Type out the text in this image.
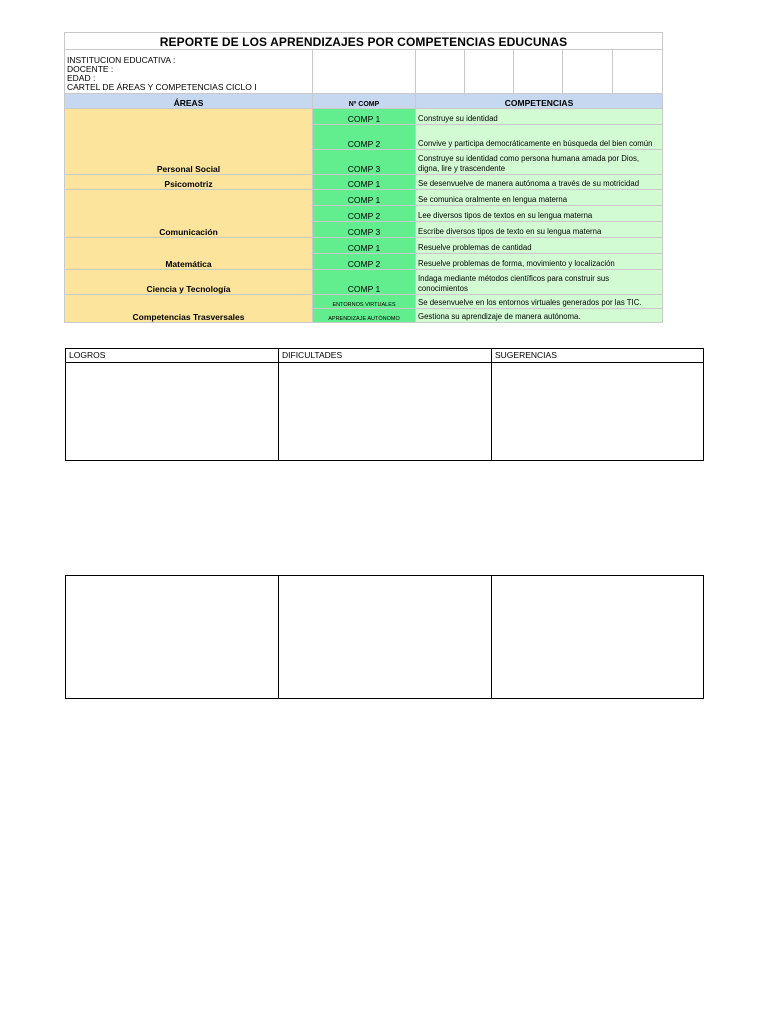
REPORTE DE LOS APRENDIZAJES POR COMPETENCIAS EDUCUNAS						

INSTITUCION EDUCATIVA :
DOCENTE :
EDAD :
CARTEL DE ÁREAS Y COMPETENCIAS CICLO I						

ÁREAS	Nº COMP	COMPETENCIAS				
Personal Social	COMP 1	Construye su identidad				
	COMP 2	Convive y participa democráticamente en búsqueda del bien común				
	COMP 3	Construye su identidad como persona humana amada por Dios, digna, lire y trascendente				
Psicomotriz	COMP 1	Se desenvuelve de manera autónoma a través de su motricidad				
Comunicación	COMP 1	Se comunica oralmente en lengua materna				
	COMP 2	Lee diversos tipos de textos en su lengua materna				
	COMP 3	Escribe diversos tipos de texto en su lengua materna				
Matemática	COMP 1	Resuelve problemas de cantidad				
	COMP 2	Resuelve problemas de forma, movimiento y localización				
Ciencia y Tecnología	COMP 1	Indaga mediante métodos científicos para construir sus conocimientos				
Competencias Trasversales	ENTORNOS VIRTUALES	Se desenvuelve en los entornos virtuales generados por las TIC.				
	APRENDIZAJE AUTÓNOMO	Gestiona su aprendizaje de manera autónoma.				
LOGROS	DIFICULTADES	SUGERENCIAS
